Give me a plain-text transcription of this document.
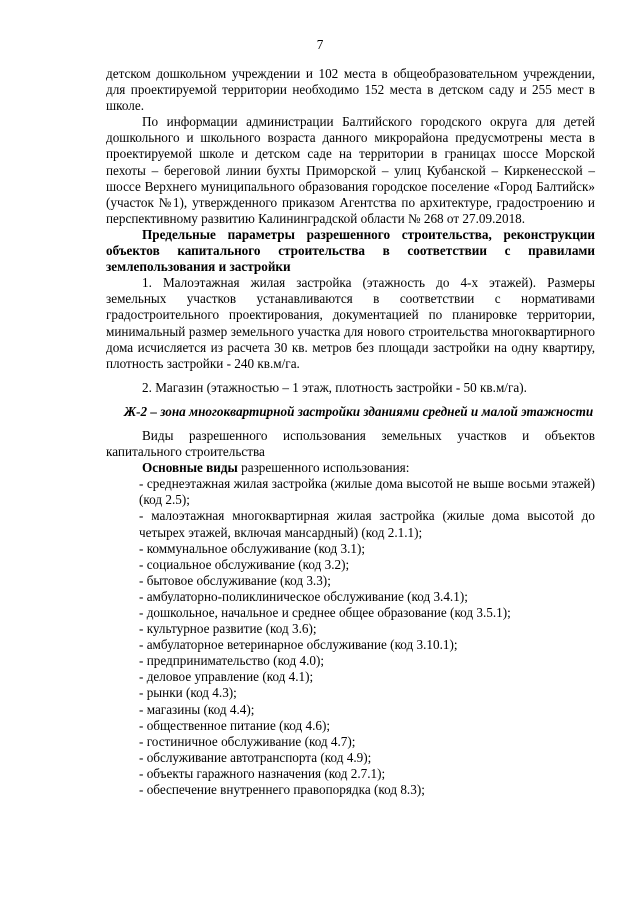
7

детском дошкольном учреждении и 102 места в общеобразовательном учреждении, для проектируемой территории необходимо 152 места в детском саду и 255 мест в школе.

По информации администрации Балтийского городского округа для детей дошкольного и школьного возраста данного микрорайона предусмотрены места в проектируемой школе и детском саде на территории в границах шоссе Морской пехоты – береговой линии бухты Приморской – улиц Кубанской – Киркенесской – шоссе Верхнего муниципального образования городское поселение «Город Балтийск» (участок №1), утвержденного приказом Агентства по архитектуре, градостроению и перспективному развитию Калининградской области № 268 от 27.09.2018.

Предельные параметры разрешенного строительства, реконструкции объектов капитального строительства в соответствии с правилами землепользования и застройки

1. Малоэтажная жилая застройка (этажность до 4-х этажей). Размеры земельных участков устанавливаются в соответствии с нормативами градостроительного проектирования, документацией по планировке территории, минимальный размер земельного участка для нового строительства многоквартирного дома исчисляется из расчета 30 кв. метров без площади застройки на одну квартиру, плотность застройки - 240 кв.м/га.

2. Магазин (этажностью – 1 этаж, плотность застройки - 50 кв.м/га).

Ж-2 – зона многоквартирной застройки зданиями средней и малой этажности

Виды разрешенного использования земельных участков и объектов капитального строительства

Основные виды разрешенного использования:

- среднеэтажная жилая застройка (жилые дома высотой не выше восьми этажей) (код 2.5);

- малоэтажная многоквартирная жилая застройка (жилые дома высотой до четырех этажей, включая мансардный) (код 2.1.1);

- коммунальное обслуживание (код 3.1);

- социальное обслуживание (код 3.2);

- бытовое обслуживание (код 3.3);

- амбулаторно-поликлиническое обслуживание (код 3.4.1);

- дошкольное, начальное и среднее общее образование (код 3.5.1);

- культурное развитие (код 3.6);

- амбулаторное ветеринарное обслуживание (код 3.10.1);

- предпринимательство (код 4.0);

- деловое управление (код 4.1);

- рынки (код 4.3);

- магазины (код 4.4);

- общественное питание (код 4.6);

- гостиничное обслуживание (код 4.7);

- обслуживание автотранспорта (код 4.9);

- объекты гаражного назначения (код 2.7.1);

- обеспечение внутреннего правопорядка (код 8.3);
